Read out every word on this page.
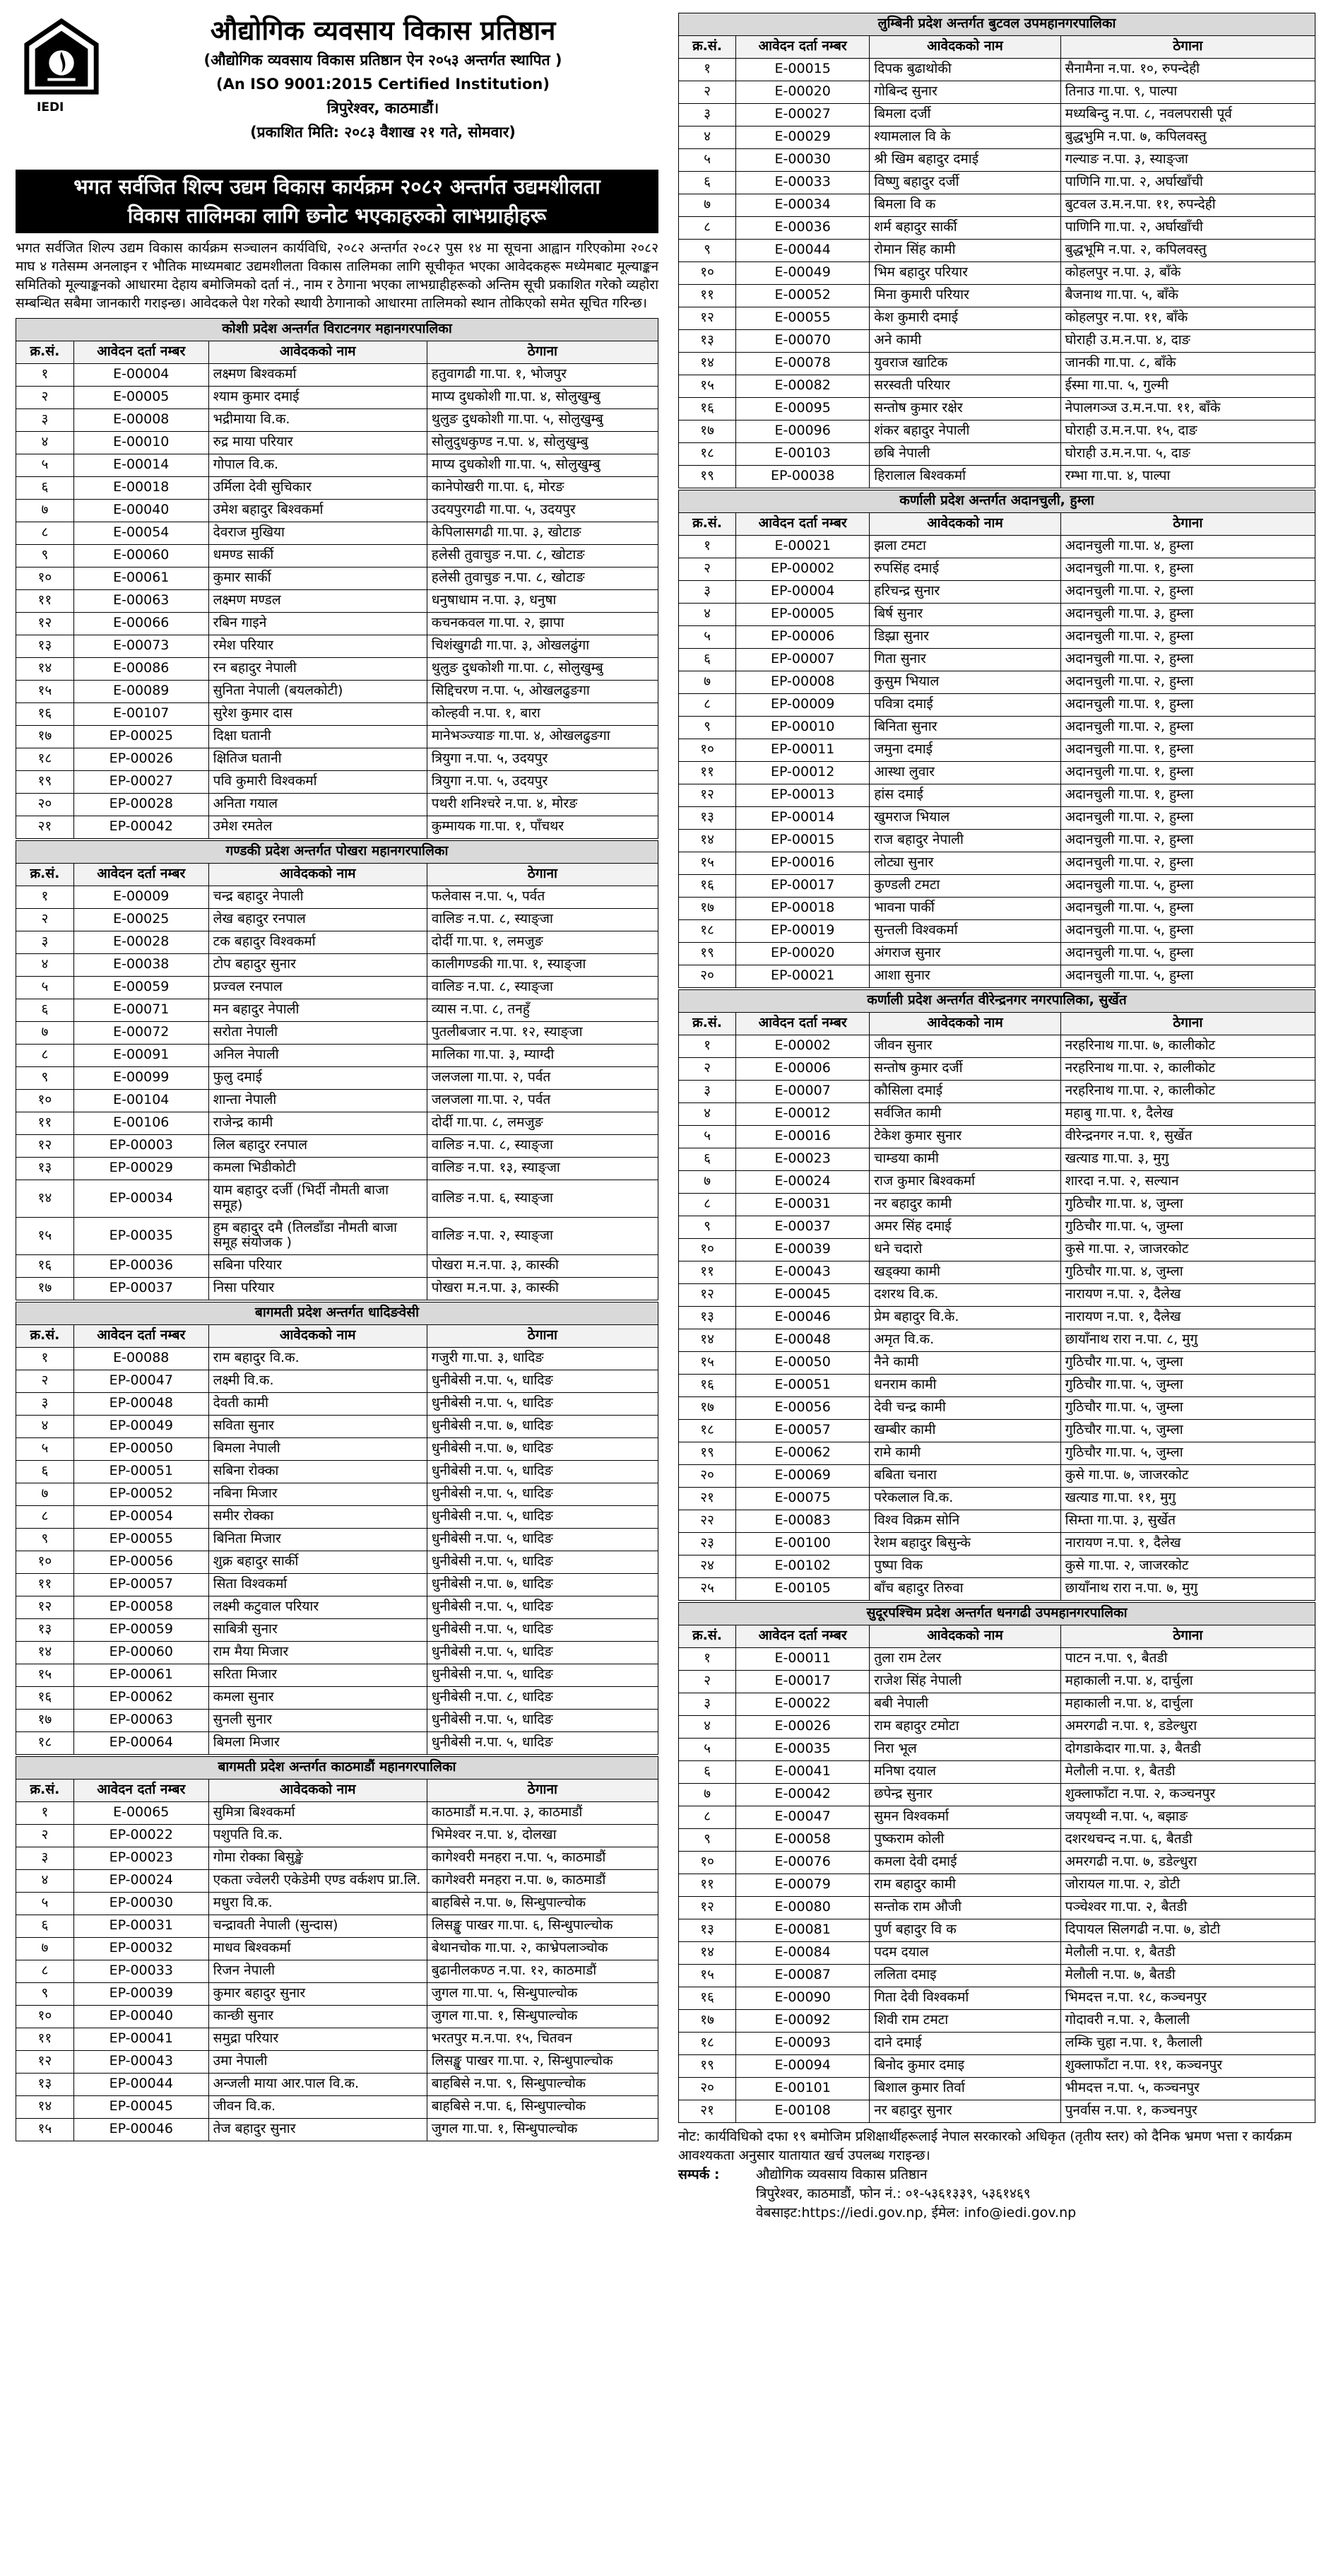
IEDI
औद्योगिक व्यवसाय विकास प्रतिष्ठान
(औद्योगिक व्यवसाय विकास प्रतिष्ठान ऐन २०५३ अन्तर्गत स्थापित )
(An ISO 9001:2015 Certified Institution)
त्रिपुरेश्वर, काठमाडौं।
(प्रकाशित मिति: २०८३ वैशाख २१ गते, सोमवार)
भगत सर्वजित शिल्प उद्यम विकास कार्यक्रम २०८२ अन्तर्गत उद्यमशीलता
विकास तालिमका लागि छनोट भएकाहरुको लाभग्राहीहरू
भगत सर्वजित शिल्प उद्यम विकास कार्यक्रम सञ्चालन कार्यविधि, २०८२ अन्तर्गत २०८२ पुस १४ मा सूचना आह्वान गरिएकोमा २०८२ माघ ४ गतेसम्म अनलाइन र भौतिक माध्यमबाट उद्यमशीलता विकास तालिमका लागि सूचीकृत भएका आवेदकहरू मध्येमबाट मूल्याङ्कन समितिको मूल्याङ्कनको आधारमा देहाय बमोजिमको दर्ता नं., नाम र ठेगाना भएका लाभग्राहीहरूको अन्तिम सूची प्रकाशित गरेको व्यहोरा सम्बन्धित सबैमा जानकारी गराइन्छ। आवेदकले पेश गरेको स्थायी ठेगानाको आधारमा तालिमको स्थान तोकिएको समेत सूचित गरिन्छ।
कोशी प्रदेश अन्तर्गत विराटनगर महानगरपालिका			
क्र.सं.	आवेदन दर्ता नम्बर	आवेदकको नाम	ठेगाना
१	E-00004	लक्ष्मण बिश्वकर्मा	हतुवागढी गा.पा. १, भोजपुर
२	E-00005	श्याम कुमार दमाई	माप्य दुधकोशी गा.पा. ४, सोलुखुम्बु
३	E-00008	भद्रीमाया वि.क.	थुलुङ दुधकोशी गा.पा. ५, सोलुखुम्बु
४	E-00010	रुद्र माया परियार	सोलुदुधकुण्ड न.पा. ४, सोलुखुम्बु
५	E-00014	गोपाल वि.क.	माप्य दुधकोशी गा.पा. ५, सोलुखुम्बु
६	E-00018	उर्मिला देवी सुचिकार	कानेपोखरी गा.पा. ६, मोरङ
७	E-00040	उमेश बहादुर बिश्वकर्मा	उदयपुरगढी गा.पा. ५, उदयपुर
८	E-00054	देवराज मुखिया	केपिलासगढी गा.पा. ३, खोटाङ
९	E-00060	धमण्ड सार्की	हलेसी तुवाचुङ न.पा. ८, खोटाङ
१०	E-00061	कुमार सार्की	हलेसी तुवाचुङ न.पा. ८, खोटाङ
११	E-00063	लक्ष्मण मण्डल	धनुषाधाम न.पा. ३, धनुषा
१२	E-00066	रबिन गाइने	कचनकवल गा.पा. २, झापा
१३	E-00073	रमेश परियार	चिशंखुगढी गा.पा. ३, ओखलढुंगा
१४	E-00086	रन बहादुर नेपाली	थुलुङ दुधकोशी गा.पा. ८, सोलुखुम्बु
१५	E-00089	सुनिता नेपाली (बयलकोटी)	सिद्दिचरण न.पा. ५, ओखलढुङगा
१६	E-00107	सुरेश कुमार दास	कोल्हवी न.पा. १, बारा
१७	EP-00025	दिक्षा घतानी	मानेभञ्ज्याङ गा.पा. ४, ओखलढुङगा
१८	EP-00026	क्षितिज घतानी	त्रियुगा न.पा. ५, उदयपुर
१९	EP-00027	पवि कुमारी विश्वकर्मा	त्रियुगा न.पा. ५, उदयपुर
२०	EP-00028	अनिता गयाल	पथरी शनिश्चरे न.पा. ४, मोरङ
२१	EP-00042	उमेश रमतेल	कुम्मायक गा.पा. १, पाँचथर
गण्डकी प्रदेश अन्तर्गत पोखरा महानगरपालिका			
क्र.सं.	आवेदन दर्ता नम्बर	आवेदकको नाम	ठेगाना
१	E-00009	चन्द्र बहादुर नेपाली	फलेवास न.पा. ५, पर्वत
२	E-00025	लेख बहादुर रनपाल	वालिङ न.पा. ८, स्याङ्जा
३	E-00028	टक बहादुर विश्वकर्मा	दोर्दी गा.पा. १, लमजुङ
४	E-00038	टोप बहादुर सुनार	कालीगण्डकी गा.पा. १, स्याङ्जा
५	E-00059	प्रज्वल रनपाल	वालिङ न.पा. ८, स्याङ्जा
६	E-00071	मन बहादुर नेपाली	व्यास न.पा. ८, तनहुँ
७	E-00072	सरोता नेपाली	पुतलीबजार न.पा. १२, स्याङ्जा
८	E-00091	अनिल नेपाली	मालिका गा.पा. ३, म्याग्दी
९	E-00099	फुलु दमाई	जलजला गा.पा. २, पर्वत
१०	E-00104	शान्ता नेपाली	जलजला गा.पा. २, पर्वत
११	E-00106	राजेन्द्र कामी	दोर्दी गा.पा. ८, लमजुङ
१२	EP-00003	लिल बहादुर रनपाल	वालिङ न.पा. ८, स्याङ्जा
१३	EP-00029	कमला भिडीकोटी	वालिङ न.पा. १३, स्याङ्जा
१४	EP-00034	याम बहादुर दर्जी (भिर्दी नौमती बाजा समूह)	वालिङ न.पा. ६, स्याङ्जा
१५	EP-00035	हुम बहादुर दमै (तिलडाँडा नौमती बाजा समूह संयोजक )	वालिङ न.पा. २, स्याङ्जा
१६	EP-00036	सबिना परियार	पोखरा म.न.पा. ३, कास्की
१७	EP-00037	निसा परियार	पोखरा म.न.पा. ३, कास्की
बागमती प्रदेश अन्तर्गत धादिङवेसी			
क्र.सं.	आवेदन दर्ता नम्बर	आवेदकको नाम	ठेगाना
१	E-00088	राम बहादुर वि.क.	गजुरी गा.पा. ३, धादिङ
२	EP-00047	लक्ष्मी वि.क.	धुनीबेसी न.पा. ५, धादिङ
३	EP-00048	देवती कामी	धुनीबेसी न.पा. ५, धादिङ
४	EP-00049	सविता सुनार	धुनीबेसी न.पा. ७, धादिङ
५	EP-00050	बिमला नेपाली	धुनीबेसी न.पा. ७, धादिङ
६	EP-00051	सबिना रोक्का	धुनीबेसी न.पा. ५, धादिङ
७	EP-00052	नबिना मिजार	धुनीबेसी न.पा. ५, धादिङ
८	EP-00054	समीर रोक्का	धुनीबेसी न.पा. ५, धादिङ
९	EP-00055	बिनिता मिजार	धुनीबेसी न.पा. ५, धादिङ
१०	EP-00056	शुक्र बहादुर सार्की	धुनीबेसी न.पा. ५, धादिङ
११	EP-00057	सिता विश्वकर्मा	धुनीबेसी न.पा. ७, धादिङ
१२	EP-00058	लक्ष्मी कटुवाल परियार	धुनीबेसी न.पा. ५, धादिङ
१३	EP-00059	साबित्री सुनार	धुनीबेसी न.पा. ५, धादिङ
१४	EP-00060	राम मैया मिजार	धुनीबेसी न.पा. ५, धादिङ
१५	EP-00061	सरिता मिजार	धुनीबेसी न.पा. ५, धादिङ
१६	EP-00062	कमला सुनार	धुनीबेसी न.पा. ८, धादिङ
१७	EP-00063	सुनली सुनार	धुनीबेसी न.पा. ५, धादिङ
१८	EP-00064	बिमला मिजार	धुनीबेसी न.पा. ५, धादिङ
बागमती प्रदेश अन्तर्गत काठमाडौं महानगरपालिका			
क्र.सं.	आवेदन दर्ता नम्बर	आवेदकको नाम	ठेगाना
१	E-00065	सुमित्रा बिश्वकर्मा	काठमाडौं म.न.पा. ३, काठमाडौं
२	EP-00022	पशुपति वि.क.	भिमेश्वर न.पा. ४, दोलखा
३	EP-00023	गोमा रोक्का बिसुङ्खे	कागेश्वरी मनहरा न.पा. ५, काठमाडौं
४	EP-00024	एकता ज्वेलरी एकेडेमी एण्ड वर्कशप प्रा.लि.	कागेश्वरी मनहरा न.पा. ७, काठमाडौं
५	EP-00030	मधुरा वि.क.	बाहबिसे न.पा. ७, सिन्धुपाल्चोक
६	EP-00031	चन्द्रावती नेपाली (सुन्दास)	लिसङ्खु पाखर गा.पा. ६, सिन्धुपाल्चोक
७	EP-00032	माधव बिश्वकर्मा	बेथानचोक गा.पा. २, काभ्रेपलाञ्चोक
८	EP-00033	रिजन नेपाली	बुढानीलकण्ठ न.पा. १२, काठमाडौं
९	EP-00039	कुमार बहादुर सुनार	जुगल गा.पा. ५, सिन्धुपाल्चोक
१०	EP-00040	कान्छी सुनार	जुगल गा.पा. १, सिन्धुपाल्चोक
११	EP-00041	समुद्रा परियार	भरतपुर म.न.पा. १५, चितवन
१२	EP-00043	उमा नेपाली	लिसङ्खु पाखर गा.पा. २, सिन्धुपाल्चोक
१३	EP-00044	अन्जली माया आर.पाल वि.क.	बाहबिसे न.पा. ९, सिन्धुपाल्चोक
१४	EP-00045	जीवन वि.क.	बाहबिसे न.पा. ६, सिन्धुपाल्चोक
१५	EP-00046	तेज बहादुर सुनार	जुगल गा.पा. १, सिन्धुपाल्चोक
लुम्बिनी प्रदेश अन्तर्गत बुटवल उपमहानगरपालिका			
क्र.सं.	आवेदन दर्ता नम्बर	आवेदकको नाम	ठेगाना
१	E-00015	दिपक बुढाथोकी	सैनामैना न.पा. १०, रुपन्देही
२	E-00020	गोबिन्द सुनार	तिनाउ गा.पा. ९, पाल्पा
३	E-00027	बिमला दर्जी	मध्यबिन्दु न.पा. ८, नवलपरासी पूर्व
४	E-00029	श्यामलाल वि के	बुद्धभुमि न.पा. ७, कपिलवस्तु
५	E-00030	श्री खिम बहादुर दमाई	गल्याङ न.पा. ३, स्याङ्जा
६	E-00033	विष्णु बहादुर दर्जी	पाणिनि गा.पा. २, अर्घाखाँची
७	E-00034	बिमला वि क	बुटवल उ.म.न.पा. ११, रुपन्देही
८	E-00036	शर्म बहादुर सार्की	पाणिनि गा.पा. २, अर्घाखाँची
९	E-00044	रोमान सिंह कामी	बुद्धभूमि न.पा. २, कपिलवस्तु
१०	E-00049	भिम बहादुर परियार	कोहलपुर न.पा. ३, बाँके
११	E-00052	मिना कुमारी परियार	बैजनाथ गा.पा. ५, बाँके
१२	E-00055	केश कुमारी दमाई	कोहलपुर न.पा. ११, बाँके
१३	E-00070	अने कामी	घोराही उ.म.न.पा. ४, दाङ
१४	E-00078	युवराज खाटिक	जानकी गा.पा. ८, बाँके
१५	E-00082	सरस्वती परियार	ईस्मा गा.पा. ५, गुल्मी
१६	E-00095	सन्तोष कुमार रक्षेर	नेपालगञ्ज उ.म.न.पा. ११, बाँके
१७	E-00096	शंकर बहादुर नेपाली	घोराही उ.म.न.पा. १५, दाङ
१८	E-00103	छबि नेपाली	घोराही उ.म.न.पा. ५, दाङ
१९	EP-00038	हिरालाल बिश्वकर्मा	रम्भा गा.पा. ४, पाल्पा
कर्णाली प्रदेश अन्तर्गत अदानचुली, हुम्ला			
क्र.सं.	आवेदन दर्ता नम्बर	आवेदकको नाम	ठेगाना
१	E-00021	झला टमटा	अदानचुली गा.पा. ४, हुम्ला
२	EP-00002	रुपसिंह दमाई	अदानचुली गा.पा. १, हुम्ला
३	EP-00004	हरिचन्द्र सुनार	अदानचुली गा.पा. २, हुम्ला
४	EP-00005	बिर्ष सुनार	अदानचुली गा.पा. ३, हुम्ला
५	EP-00006	डिझ्रा सुनार	अदानचुली गा.पा. २, हुम्ला
६	EP-00007	गिता सुनार	अदानचुली गा.पा. २, हुम्ला
७	EP-00008	कुसुम भियाल	अदानचुली गा.पा. २, हुम्ला
८	EP-00009	पवित्रा दमाई	अदानचुली गा.पा. १, हुम्ला
९	EP-00010	बिनिता सुनार	अदानचुली गा.पा. २, हुम्ला
१०	EP-00011	जमुना दमाई	अदानचुली गा.पा. १, हुम्ला
११	EP-00012	आस्था लुवार	अदानचुली गा.पा. १, हुम्ला
१२	EP-00013	हांस दमाई	अदानचुली गा.पा. १, हुम्ला
१३	EP-00014	खुमराज भियाल	अदानचुली गा.पा. २, हुम्ला
१४	EP-00015	राज बहादुर नेपाली	अदानचुली गा.पा. २, हुम्ला
१५	EP-00016	लोट्या सुनार	अदानचुली गा.पा. २, हुम्ला
१६	EP-00017	कुण्डली टमटा	अदानचुली गा.पा. ५, हुम्ला
१७	EP-00018	भावना पार्की	अदानचुली गा.पा. ५, हुम्ला
१८	EP-00019	सुन्तली विश्वकर्मा	अदानचुली गा.पा. ५, हुम्ला
१९	EP-00020	अंगराज सुनार	अदानचुली गा.पा. ५, हुम्ला
२०	EP-00021	आशा सुनार	अदानचुली गा.पा. ५, हुम्ला
कर्णाली प्रदेश अन्तर्गत वीरेन्द्रनगर नगरपालिका, सुर्खेत			
क्र.सं.	आवेदन दर्ता नम्बर	आवेदकको नाम	ठेगाना
१	E-00002	जीवन सुनार	नरहरिनाथ गा.पा. ७, कालीकोट
२	E-00006	सन्तोष कुमार दर्जी	नरहरिनाथ गा.पा. २, कालीकोट
३	E-00007	कौसिला दमाई	नरहरिनाथ गा.पा. २, कालीकोट
४	E-00012	सर्वजित कामी	महाबु गा.पा. १, दैलेख
५	E-00016	टेकेश कुमार सुनार	वीरेन्द्रनगर न.पा. १, सुर्खेत
६	E-00023	चाम्डया कामी	खत्याड गा.पा. ३, मुगु
७	E-00024	राज कुमार बिश्वकर्मा	शारदा न.पा. २, सल्यान
८	E-00031	नर बहादुर कामी	गुठिचौर गा.पा. ४, जुम्ला
९	E-00037	अमर सिंह दमाई	गुठिचौर गा.पा. ५, जुम्ला
१०	E-00039	धने चदारो	कुसे गा.पा. २, जाजरकोट
११	E-00043	खड्क्या कामी	गुठिचौर गा.पा. ४, जुम्ला
१२	E-00045	दशरथ वि.क.	नारायण न.पा. २, दैलेख
१३	E-00046	प्रेम बहादुर वि.के.	नारायण न.पा. १, दैलेख
१४	E-00048	अमृत वि.क.	छायाँनाथ रारा न.पा. ८, मुगु
१५	E-00050	नैने कामी	गुठिचौर गा.पा. ५, जुम्ला
१६	E-00051	धनराम कामी	गुठिचौर गा.पा. ५, जुम्ला
१७	E-00056	देवी चन्द्र कामी	गुठिचौर गा.पा. ५, जुम्ला
१८	E-00057	खम्बीर कामी	गुठिचौर गा.पा. ५, जुम्ला
१९	E-00062	रामे कामी	गुठिचौर गा.पा. ५, जुम्ला
२०	E-00069	बबिता चनारा	कुसे गा.पा. ७, जाजरकोट
२१	E-00075	परेकलाल वि.क.	खत्याड गा.पा. ११, मुगु
२२	E-00083	विश्व विक्रम सोनि	सिम्ता गा.पा. ३, सुर्खेत
२३	E-00100	रेशम बहादुर बिसुन्के	नारायण न.पा. १, दैलेख
२४	E-00102	पुष्पा विक	कुसे गा.पा. २, जाजरकोट
२५	E-00105	बाँच बहादुर तिरुवा	छायाँनाथ रारा न.पा. ७, मुगु
सुदूरपश्चिम प्रदेश अन्तर्गत धनगढी उपमहानगरपालिका			
क्र.सं.	आवेदन दर्ता नम्बर	आवेदकको नाम	ठेगाना
१	E-00011	तुला राम टेलर	पाटन न.पा. ९, बैतडी
२	E-00017	राजेश सिंह नेपाली	महाकाली न.पा. ४, दार्चुला
३	E-00022	बबी नेपाली	महाकाली न.पा. ४, दार्चुला
४	E-00026	राम बहादुर टमोटा	अमरगढी न.पा. १, डडेल्धुरा
५	E-00035	निरा भूल	दोगडाकेदार गा.पा. ३, बैतडी
६	E-00041	मनिषा दयाल	मेलौली न.पा. १, बैतडी
७	E-00042	छपेन्द्र सुनार	शुक्लाफाँटा न.पा. २, कञ्चनपुर
८	E-00047	सुमन विश्वकर्मा	जयपृथ्वी न.पा. ५, बझाङ
९	E-00058	पुष्कराम कोली	दशरथचन्द न.पा. ६, बैतडी
१०	E-00076	कमला देवी दमाई	अमरगढी न.पा. ७, डडेल्धुरा
११	E-00079	राम बहादुर कामी	जोरायल गा.पा. २, डोटी
१२	E-00080	सन्तोक राम औजी	पञ्चेश्वर गा.पा. २, बैतडी
१३	E-00081	पुर्ण बहादुर वि क	दिपायल सिलगढी न.पा. ७, डोटी
१४	E-00084	पदम दयाल	मेलौली न.पा. १, बैतडी
१५	E-00087	ललिता दमाइ	मेलौली न.पा. ७, बैतडी
१६	E-00090	गिता देवी विश्वकर्मा	भिमदत्त न.पा. १८, कञ्चनपुर
१७	E-00092	शिवी राम टमटा	गोदावरी न.पा. २, कैलाली
१८	E-00093	दाने दमाई	लम्कि चुहा न.पा. १, कैलाली
१९	E-00094	बिनोद कुमार दमाइ	शुक्लाफाँटा न.पा. ११, कञ्चनपुर
२०	E-00101	बिशाल कुमार तिर्वा	भीमदत्त न.पा. ५, कञ्चनपुर
२१	E-00108	नर बहादुर सुनार	पुनर्वास न.पा. १, कञ्चनपुर
नोट: कार्यविधिको दफा १९ बमोजिम प्रशिक्षार्थीहरूलाई नेपाल सरकारको अधिकृत (तृतीय स्तर) को दैनिक भ्रमण भत्ता र कार्यक्रम आवश्यकता अनुसार यातायात खर्च उपलब्ध गराइन्छ।
सम्पर्क :	औद्योगिक व्यवसाय विकास प्रतिष्ठान
त्रिपुरेश्वर, काठमाडौं, फोन नं.: ०१-५३६१३३९, ५३६१४६९
वेबसाइट:https://iedi.gov.np, ईमेल: info@iedi.gov.np
